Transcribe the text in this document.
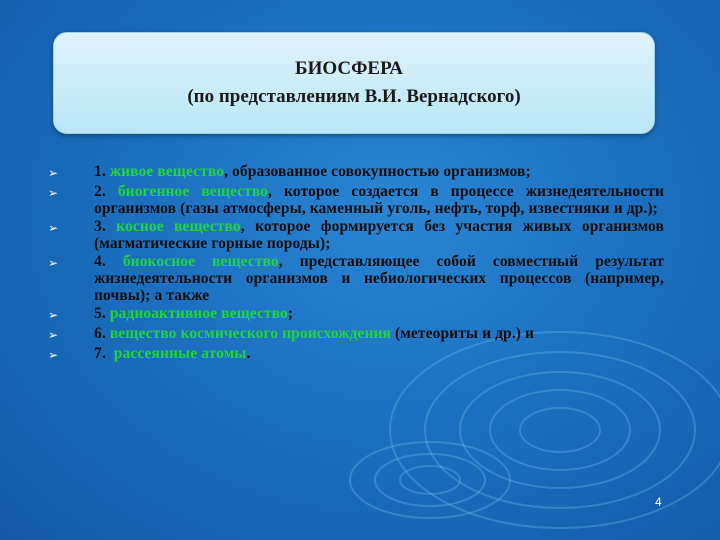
БИОСФЕРА
(по представлениям В.И. Вернадского)
➢	1. живое вещество, образованное совокупностью организмов;
➢	2. биогенное вещество, которое создается в процессе жизнедеятельности организмов (газы атмосферы, каменный уголь, нефть, торф, известняки и др.);
➢	3. косное вещество, которое формируется без участия живых организмов (магматические горные породы);
➢	4. биокосное вещество, представляющее собой совместный результат жизнедеятельности организмов и небиологических процессов (например, почвы); а также
➢	5. радиоактивное вещество;
➢	6. вещество космического происхождения (метеориты и др.) и
➢	7.  рассеянные атомы.
4
